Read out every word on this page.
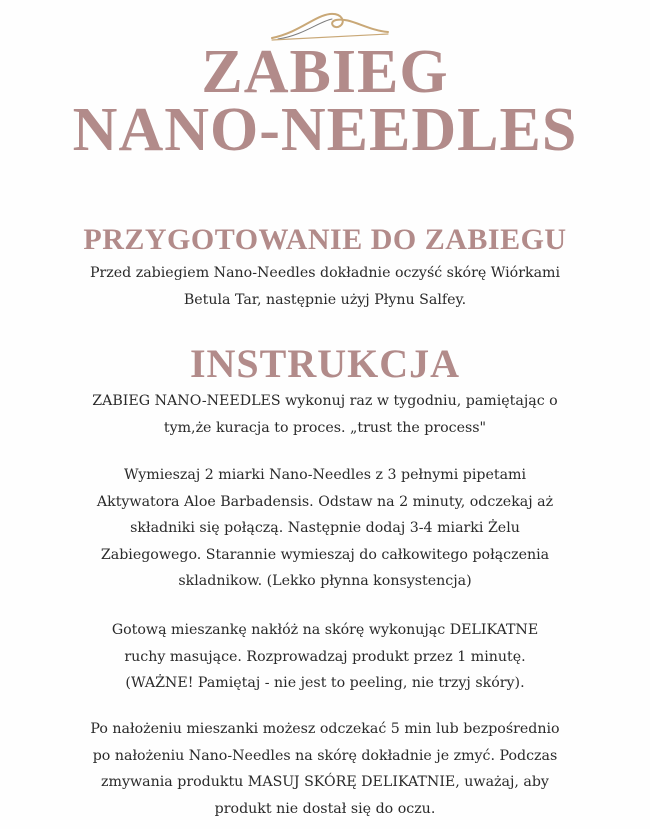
ZABIEG
NANO-NEEDLES
PRZYGOTOWANIE DO ZABIEGU

Przed zabiegiem Nano-Needles dokładnie oczyść skórę Wiórkami
Betula Tar, następnie użyj Płynu Salfey.

INSTRUKCJA

ZABIEG NANO-NEEDLES wykonuj raz w tygodniu, pamiętając o
tym,że kuracja to proces. „trust the process"

Wymieszaj 2 miarki Nano-Needles z 3 pełnymi pipetami
Aktywatora Aloe Barbadensis. Odstaw na 2 minuty, odczekaj aż
składniki się połączą. Następnie dodaj 3-4 miarki Żelu
Zabiegowego. Starannie wymieszaj do całkowitego połączenia
skladnikow. (Lekko płynna konsystencja)

Gotową mieszankę nakłóż na skórę wykonując DELIKATNE
ruchy masujące. Rozprowadzaj produkt przez 1 minutę.
(WAŻNE! Pamiętaj - nie jest to peeling, nie trzyj skóry).

Po nałożeniu mieszanki możesz odczekać 5 min lub bezpośrednio
po nałożeniu Nano-Needles na skórę dokładnie je zmyć. Podczas
zmywania produktu MASUJ SKÓRĘ DELIKATNIE, uważaj, aby
produkt nie dostał się do oczu.
